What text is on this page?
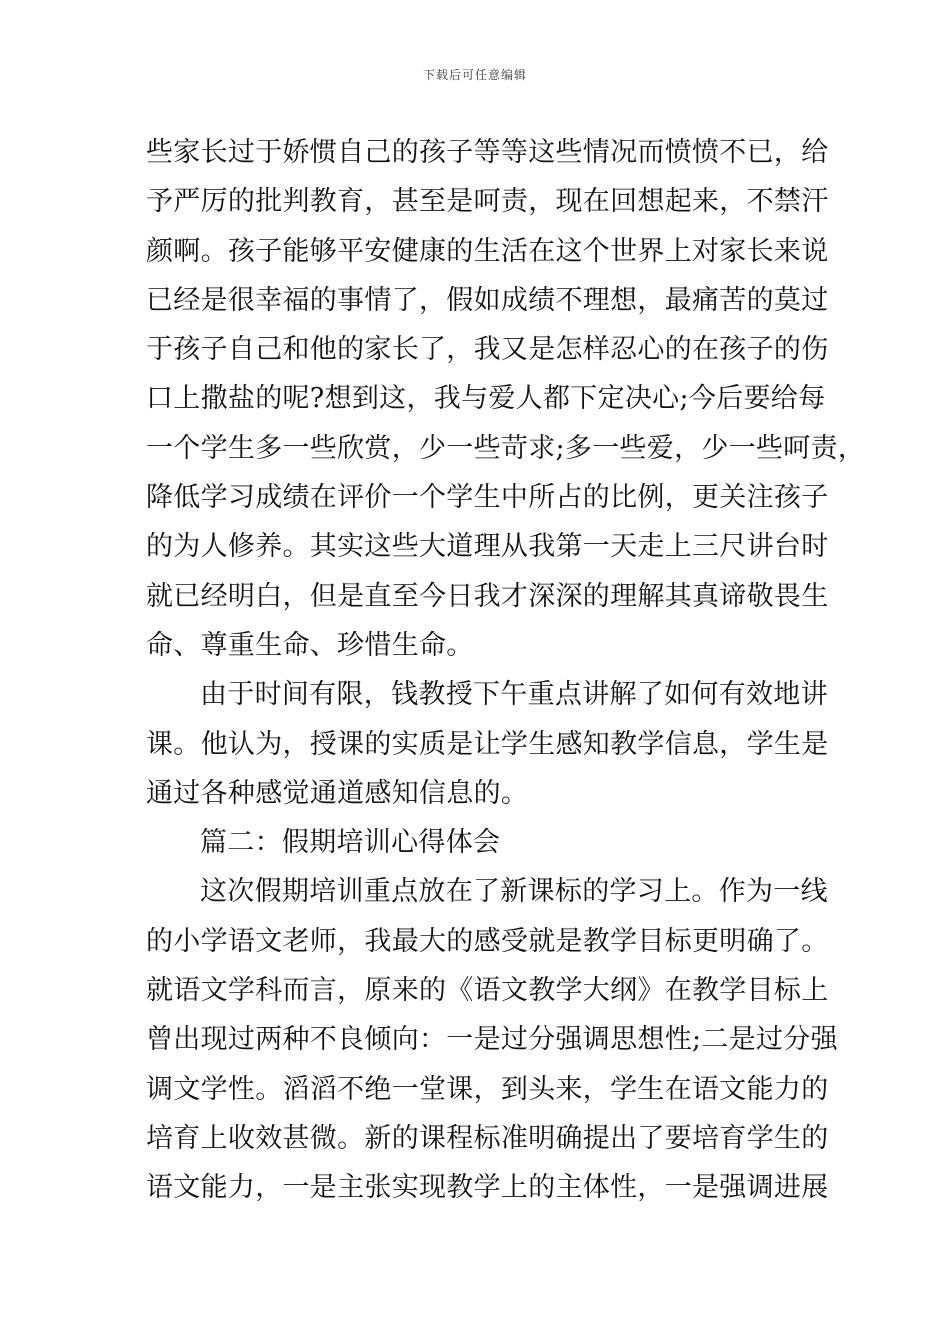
下载后可任意编辑
些家长过于娇惯自己的孩子等等这些情况而愤愤不已，给
予严厉的批判教育，甚至是呵责，现在回想起来，不禁汗
颜啊。孩子能够平安健康的生活在这个世界上对家长来说
已经是很幸福的事情了，假如成绩不理想，最痛苦的莫过
于孩子自己和他的家长了，我又是怎样忍心的在孩子的伤
口上撒盐的呢?想到这，我与爱人都下定决心;今后要给每
一个学生多一些欣赏，少一些苛求;多一些爱，少一些呵责，
降低学习成绩在评价一个学生中所占的比例，更关注孩子
的为人修养。其实这些大道理从我第一天走上三尺讲台时
就已经明白，但是直至今日我才深深的理解其真谛敬畏生
命、尊重生命、珍惜生命。
由于时间有限，钱教授下午重点讲解了如何有效地讲
课。他认为，授课的实质是让学生感知教学信息，学生是
通过各种感觉通道感知信息的。
篇二：假期培训心得体会
这次假期培训重点放在了新课标的学习上。作为一线
的小学语文老师，我最大的感受就是教学目标更明确了。
就语文学科而言，原来的《语文教学大纲》在教学目标上
曾出现过两种不良倾向：一是过分强调思想性;二是过分强
调文学性。滔滔不绝一堂课，到头来，学生在语文能力的
培育上收效甚微。新的课程标准明确提出了要培育学生的
语文能力，一是主张实现教学上的主体性，一是强调进展
